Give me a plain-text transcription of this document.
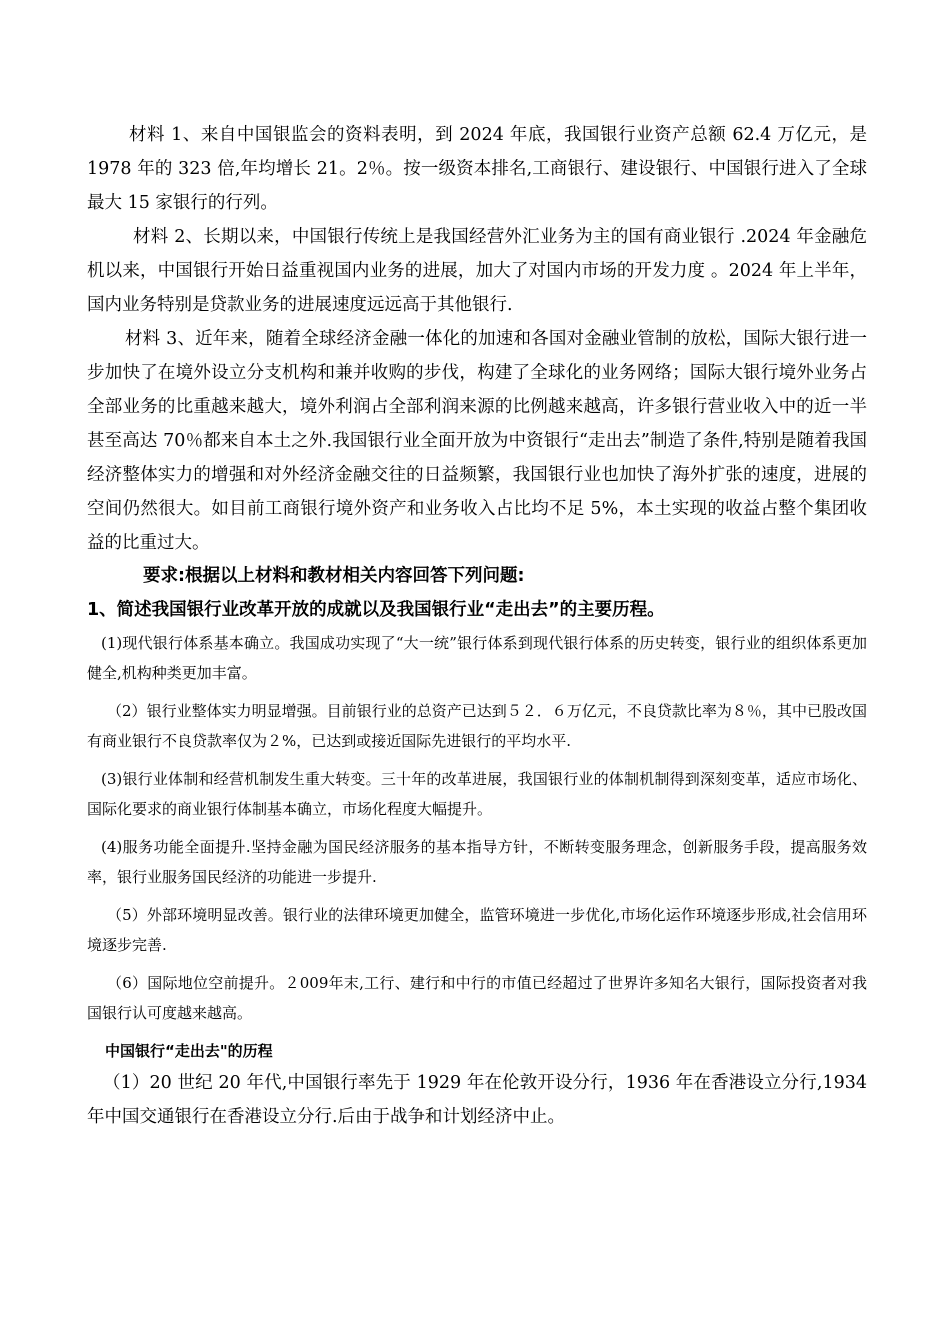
材料 1、来自中国银监会的资料表明，到 2024 年底，我国银行业资产总额 62.4 万亿元，是 1978 年的 323 倍,年均增长 21。2％。按一级资本排名,工商银行、建设银行、中国银行进入了全球最大 15 家银行的行列。

材料 2、长期以来，中国银行传统上是我国经营外汇业务为主的国有商业银行 .2024 年金融危机以来，中国银行开始日益重视国内业务的进展，加大了对国内市场的开发力度 。2024 年上半年，国内业务特别是贷款业务的进展速度远远高于其他银行.

材料 3、近年来，随着全球经济金融一体化的加速和各国对金融业管制的放松，国际大银行进一步加快了在境外设立分支机构和兼并收购的步伐，构建了全球化的业务网络；国际大银行境外业务占全部业务的比重越来越大，境外利润占全部利润来源的比例越来越高，许多银行营业收入中的近一半甚至高达 70％都来自本土之外.我国银行业全面开放为中资银行“走出去”制造了条件,特别是随着我国经济整体实力的增强和对外经济金融交往的日益频繁，我国银行业也加快了海外扩张的速度，进展的空间仍然很大。如目前工商银行境外资产和业务收入占比均不足 5%，本土实现的收益占整个集团收益的比重过大。

要求:根据以上材料和教材相关内容回答下列问题:

1、简述我国银行业改革开放的成就以及我国银行业“走出去”的主要历程。

(1)现代银行体系基本确立。我国成功实现了“大一统”银行体系到现代银行体系的历史转变，银行业的组织体系更加健全,机构种类更加丰富。

（2）银行业整体实力明显增强。目前银行业的总资产已达到５２．６万亿元，不良贷款比率为８％，其中已股改国有商业银行不良贷款率仅为２%，已达到或接近国际先进银行的平均水平.

(3)银行业体制和经营机制发生重大转变。三十年的改革进展，我国银行业的体制机制得到深刻变革，适应市场化、国际化要求的商业银行体制基本确立，市场化程度大幅提升。

(4)服务功能全面提升.坚持金融为国民经济服务的基本指导方针，不断转变服务理念，创新服务手段，提高服务效率，银行业服务国民经济的功能进一步提升.

（5）外部环境明显改善。银行业的法律环境更加健全，监管环境进一步优化,市场化运作环境逐步形成,社会信用环境逐步完善.

（6）国际地位空前提升。２009年末,工行、建行和中行的市值已经超过了世界许多知名大银行，国际投资者对我国银行认可度越来越高。

中国银行“走出去"的历程

（1）20 世纪 20 年代,中国银行率先于 1929 年在伦敦开设分行，1936 年在香港设立分行,1934 年中国交通银行在香港设立分行.后由于战争和计划经济中止。
